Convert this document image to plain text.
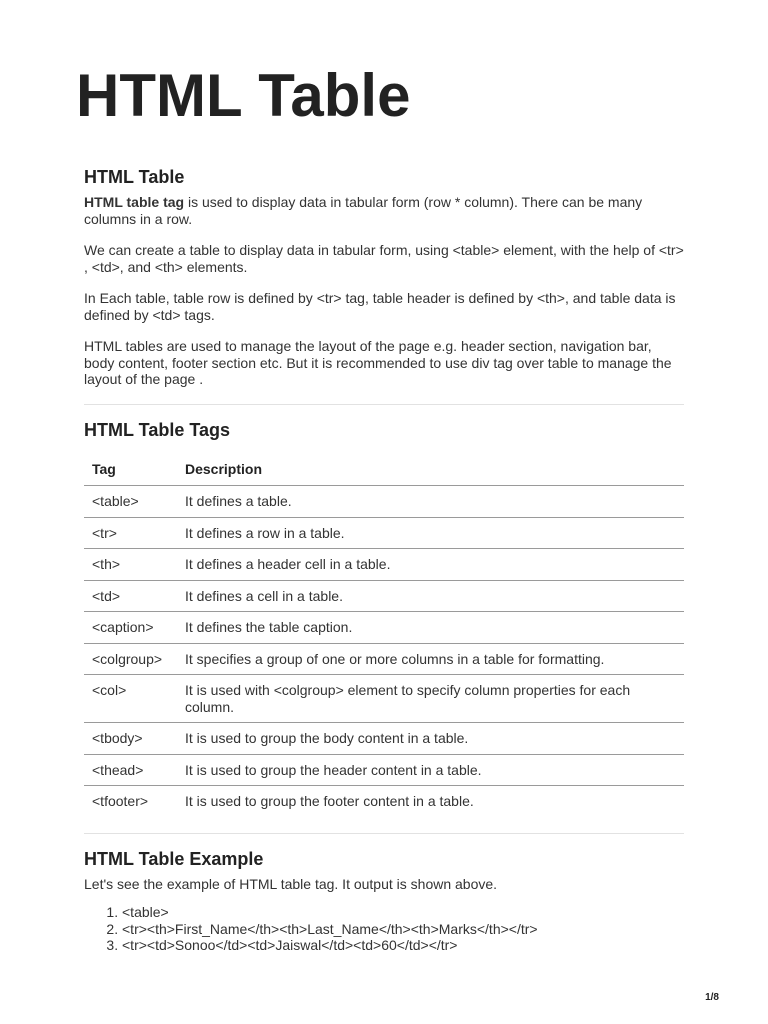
HTML Table
HTML Table

HTML table tag is used to display data in tabular form (row * column). There can be many columns in a row.

We can create a table to display data in tabular form, using <table> element, with the help of <tr> , <td>, and <th> elements.

In Each table, table row is defined by <tr> tag, table header is defined by <th>, and table data is defined by <td> tags.

HTML tables are used to manage the layout of the page e.g. header section, navigation bar, body content, footer section etc. But it is recommended to use div tag over table to manage the layout of the page .

HTML Table Tags
Tag	Description
<table>	It defines a table.
<tr>	It defines a row in a table.
<th>	It defines a header cell in a table.
<td>	It defines a cell in a table.
<caption>	It defines the table caption.
<colgroup>	It specifies a group of one or more columns in a table for formatting.
<col>	It is used with <colgroup> element to specify column properties for each column.
<tbody>	It is used to group the body content in a table.
<thead>	It is used to group the header content in a table.
<tfooter>	It is used to group the footer content in a table.
HTML Table Example

Let's see the example of HTML table tag. It output is shown above.

1. <table>
2. <tr><th>First_Name</th><th>Last_Name</th><th>Marks</th></tr>
3. <tr><td>Sonoo</td><td>Jaiswal</td><td>60</td></tr>
1/8
